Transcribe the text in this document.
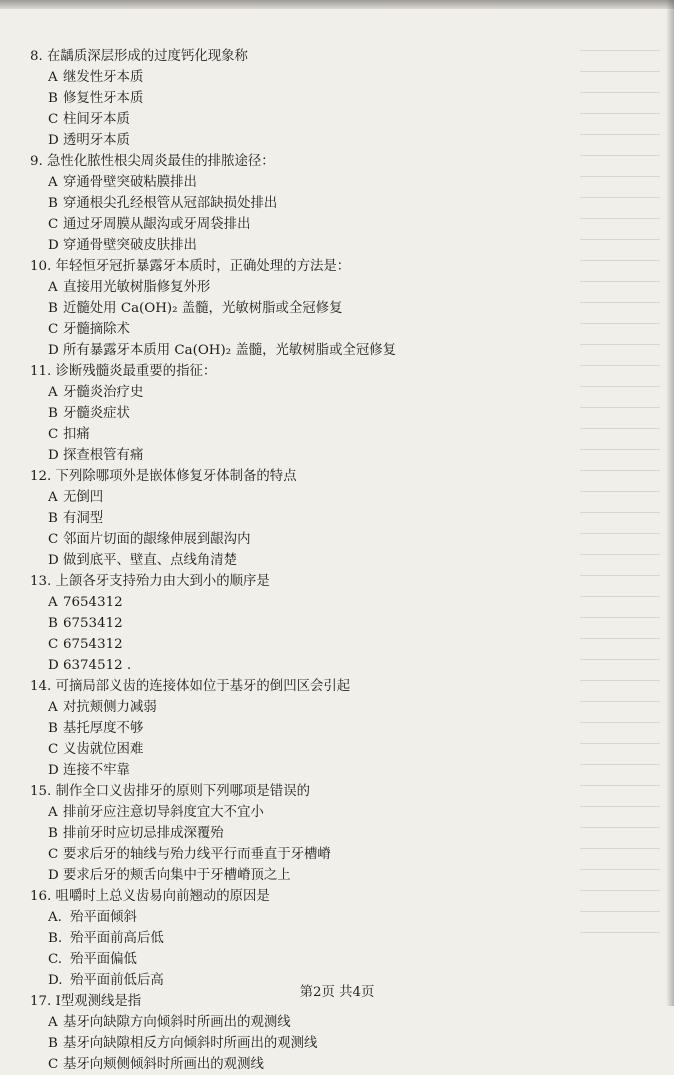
8. 在龋质深层形成的过度钙化现象称
A 继发性牙本质
B 修复性牙本质
C 柱间牙本质
D 透明牙本质
9. 急性化脓性根尖周炎最佳的排脓途径：
A 穿通骨壁突破粘膜排出
B 穿通根尖孔经根管从冠部缺损处排出
C 通过牙周膜从龈沟或牙周袋排出
D 穿通骨壁突破皮肤排出
10. 年轻恒牙冠折暴露牙本质时，正确处理的方法是：
A 直接用光敏树脂修复外形
B 近髓处用 Ca(OH)₂ 盖髓，光敏树脂或全冠修复
C 牙髓摘除术
D 所有暴露牙本质用 Ca(OH)₂ 盖髓，光敏树脂或全冠修复
11. 诊断残髓炎最重要的指征：
A 牙髓炎治疗史
B 牙髓炎症状
C 扣痛
D 探查根管有痛
12. 下列除哪项外是嵌体修复牙体制备的特点
A 无倒凹
B 有洞型
C 邻面片切面的龈缘伸展到龈沟内
D 做到底平、壁直、点线角清楚
13. 上颌各牙支持殆力由大到小的顺序是
A 7654312
B 6753412
C 6754312
D 6374512 .
14. 可摘局部义齿的连接体如位于基牙的倒凹区会引起
A 对抗颊侧力减弱
B 基托厚度不够
C 义齿就位困难
D 连接不牢靠
15. 制作全口义齿排牙的原则下列哪项是错误的
A 排前牙应注意切导斜度宜大不宜小
B 排前牙时应切忌排成深覆殆
C 要求后牙的轴线与殆力线平行而垂直于牙槽嵴
D 要求后牙的颊舌向集中于牙槽嵴顶之上
16. 咀嚼时上总义齿易向前翘动的原因是
A. 殆平面倾斜
B. 殆平面前高后低
C. 殆平面偏低
D. 殆平面前低后高
17. Ⅰ型观测线是指
A 基牙向缺隙方向倾斜时所画出的观测线
B 基牙向缺隙相反方向倾斜时所画出的观测线
C 基牙向颊侧倾斜时所画出的观测线
第2页 共4页
